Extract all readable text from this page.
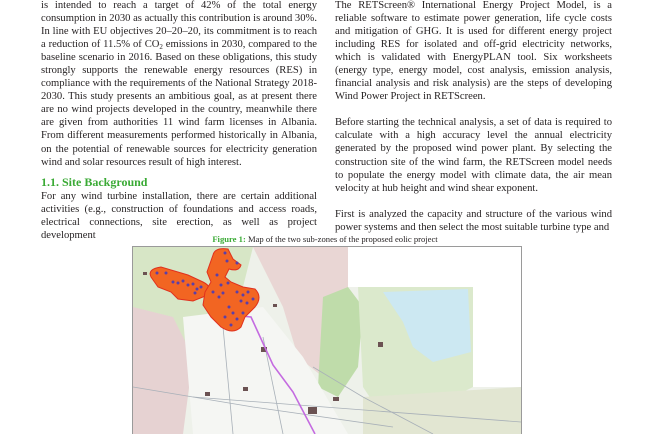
is intended to reach a target of 42% of the total energy consumption in 2030 as actually this contribution is around 30%. In line with EU objectives 20–20–20, its commitment is to reach a reduction of 11.5% of $CO_2$ emissions in 2030, compared to the baseline scenario in 2016. Based on these obligations, this study strongly supports the renewable energy resources (RES) in compliance with the requirements of the National Strategy 2018-2030. This study presents an ambitious goal, as at present there are no wind projects developed in the country, meanwhile there are given from authorities 11 wind farm licenses in Albania. From different measurements performed historically in Albania, on the potential of renewable sources for electricity generation wind and solar resources result of high interest.

1.1. Site Background

For any wind turbine installation, there are certain additional activities (e.g., construction of foundations and access roads, electrical connections, site erection, as well as project development

The RETScreen® International Energy Project Model, is a reliable software to estimate power generation, life cycle costs and mitigation of GHG. It is used for different energy project including RES for isolated and off-grid electricity networks, which is validated with EnergyPLAN tool. Six worksheets (energy type, energy model, cost analysis, emission analysis, financial analysis and risk analysis) are the steps of developing Wind Power Project in RETScreen.

Before starting the technical analysis, a set of data is required to calculate with a high accuracy level the annual electricity generated by the proposed wind power plant. By selecting the construction site of the wind farm, the RETScreen model needs to populate the energy model with climate data, the air mean velocity at hub height and wind shear exponent.

First is analyzed the capacity and structure of the various wind power systems and then select the most suitable turbine type and

Figure 1: Map of the two sub-zones of the proposed eolic project
